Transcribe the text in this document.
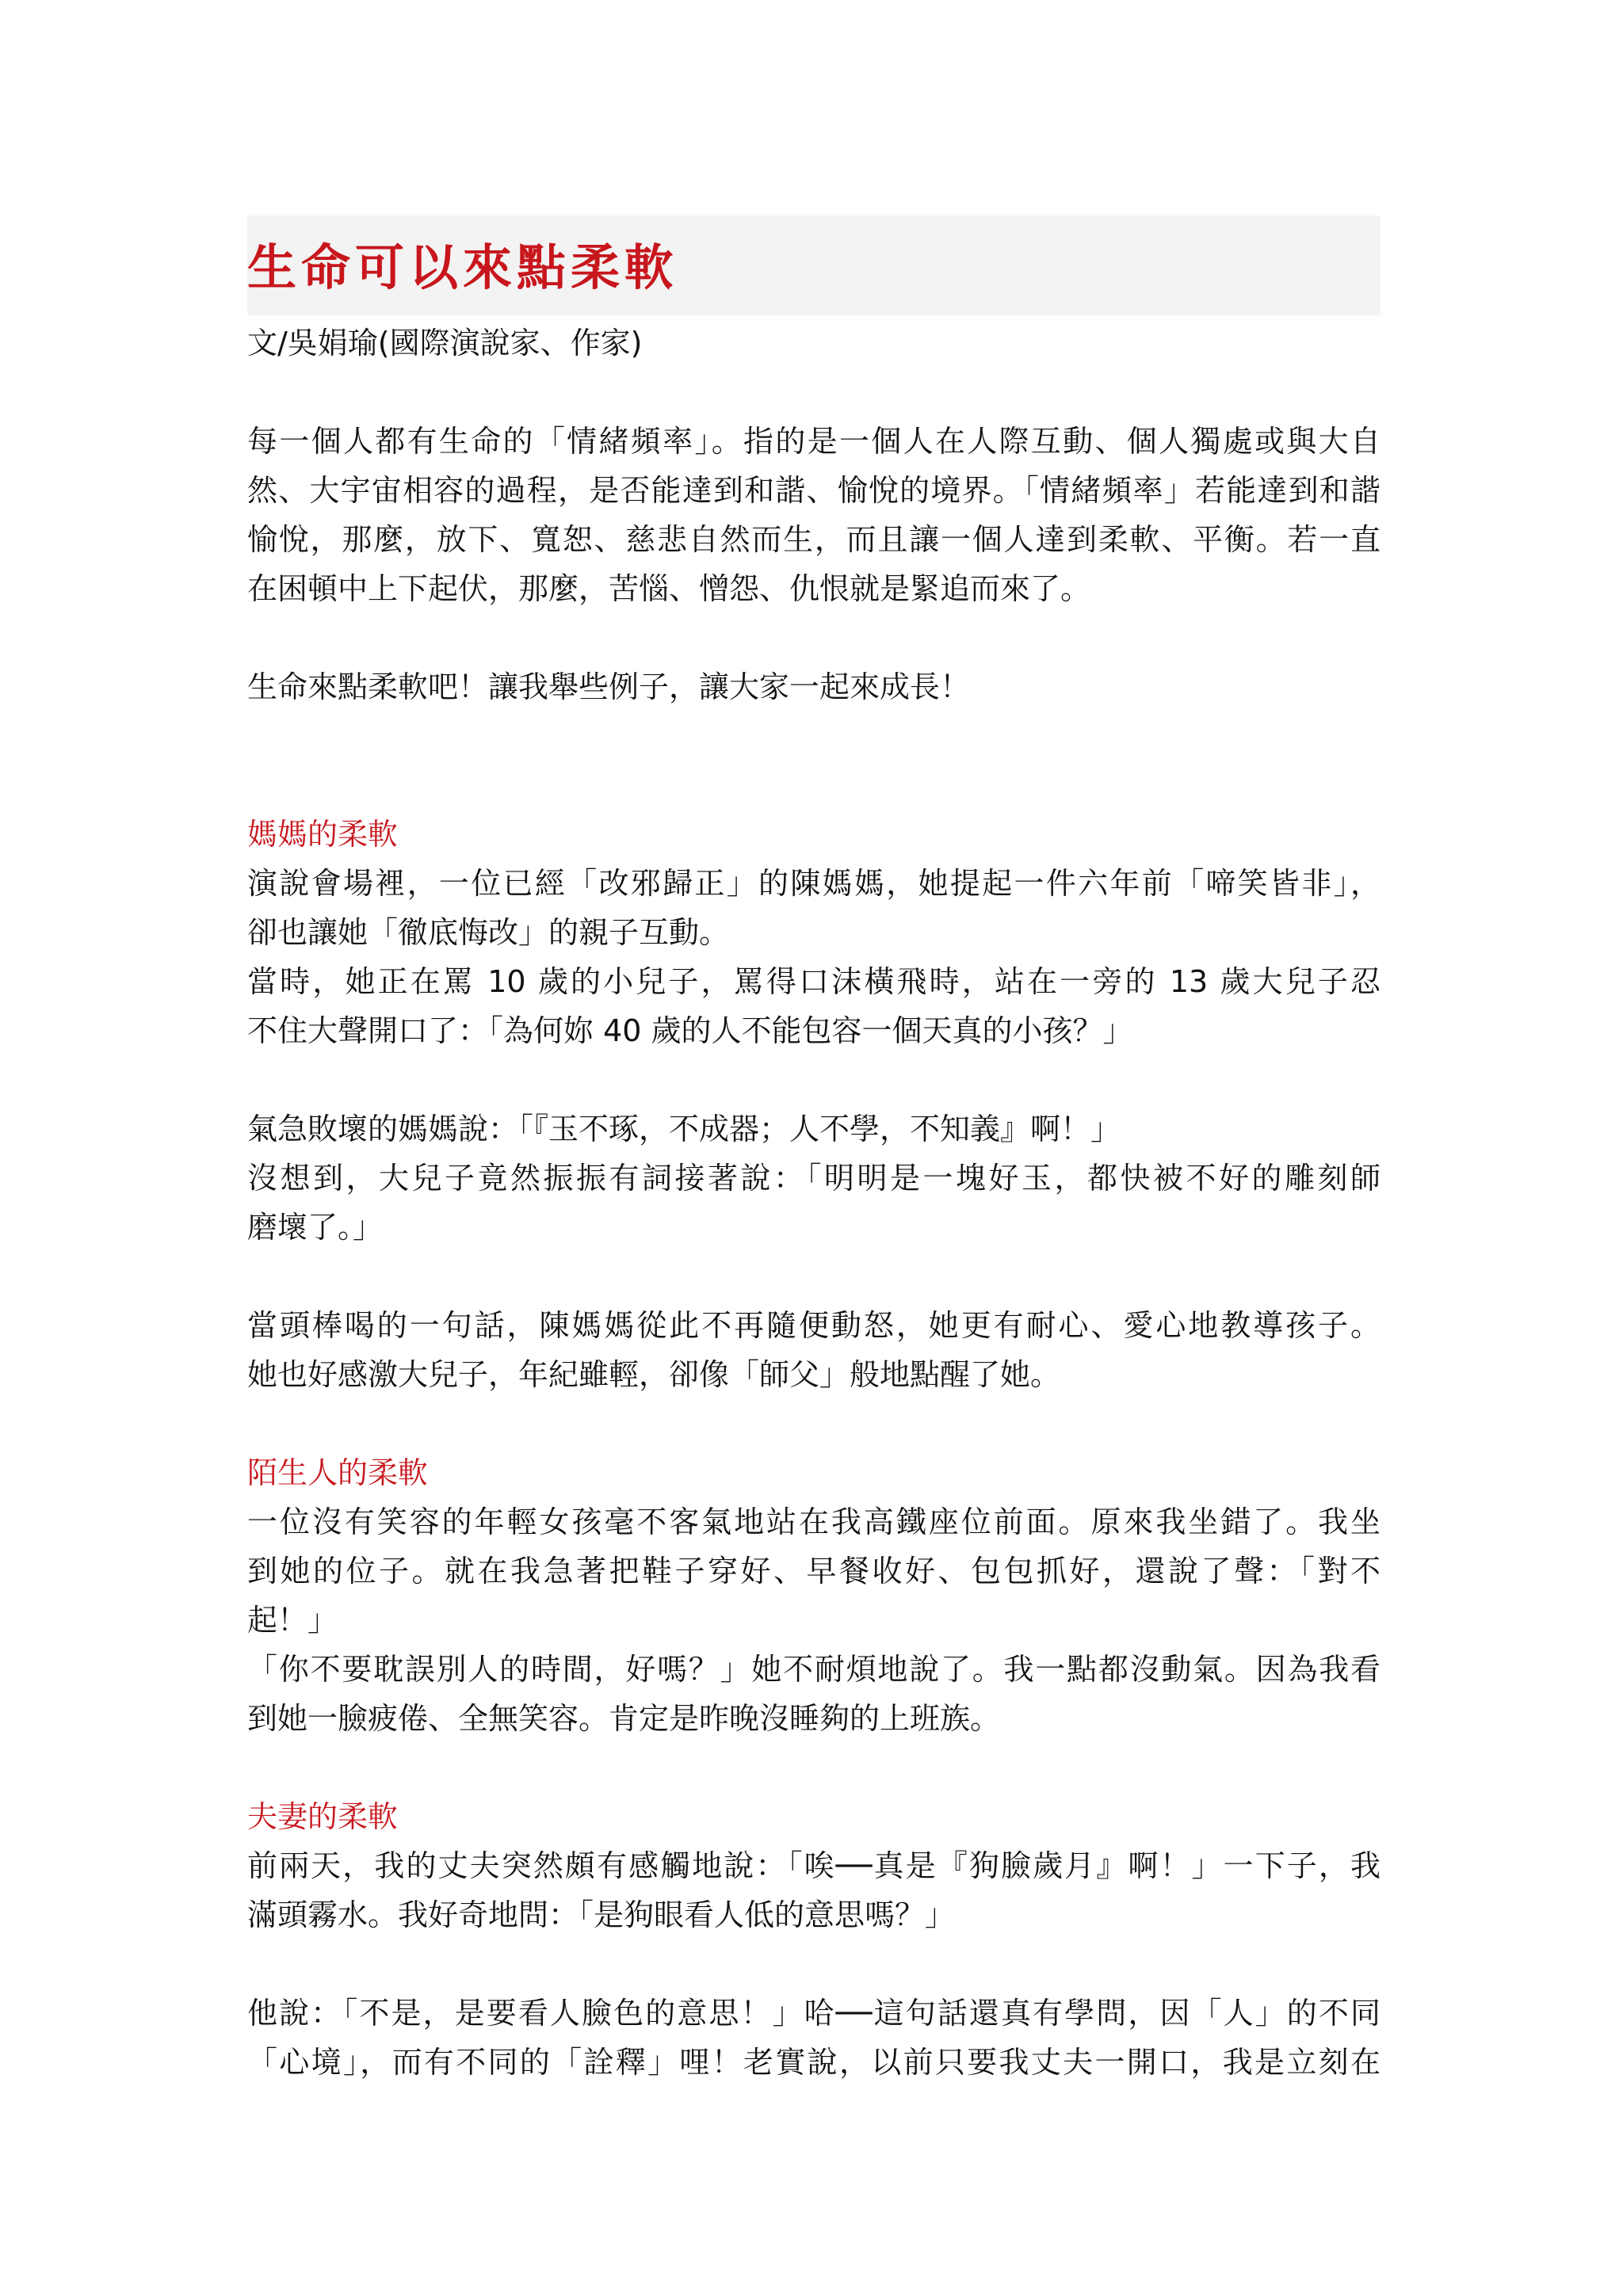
生命可以來點柔軟

文/吳娟瑜(國際演說家、作家)

每一個人都有生命的「情緒頻率」。指的是一個人在人際互動、個人獨處或與大自
然、大宇宙相容的過程，是否能達到和諧、愉悅的境界。「情緒頻率」若能達到和諧
愉悅，那麼，放下、寬恕、慈悲自然而生，而且讓一個人達到柔軟、平衡。若一直
在困頓中上下起伏，那麼，苦惱、憎怨、仇恨就是緊追而來了。

生命來點柔軟吧！讓我舉些例子，讓大家一起來成長！

媽媽的柔軟
演說會場裡，一位已經「改邪歸正」的陳媽媽，她提起一件六年前「啼笑皆非」，
卻也讓她「徹底悔改」的親子互動。
當時，她正在罵 10 歲的小兒子，罵得口沫橫飛時，站在一旁的 13 歲大兒子忍
不住大聲開口了：「為何妳 40 歲的人不能包容一個天真的小孩？」
氣急敗壞的媽媽說：「『玉不琢，不成器；人不學，不知義』啊！」
沒想到，大兒子竟然振振有詞接著說：「明明是一塊好玉，都快被不好的雕刻師
磨壞了。」
當頭棒喝的一句話，陳媽媽從此不再隨便動怒，她更有耐心、愛心地教導孩子。
她也好感激大兒子，年紀雖輕，卻像「師父」般地點醒了她。
陌生人的柔軟
一位沒有笑容的年輕女孩毫不客氣地站在我高鐵座位前面。原來我坐錯了。我坐
到她的位子。就在我急著把鞋子穿好、早餐收好、包包抓好，還說了聲：「對不
起！」
「你不要耽誤別人的時間，好嗎？」她不耐煩地說了。我一點都沒動氣。因為我看
到她一臉疲倦、全無笑容。肯定是昨晚沒睡夠的上班族。
夫妻的柔軟
前兩天，我的丈夫突然頗有感觸地說：「唉──真是『狗臉歲月』啊！」一下子，我
滿頭霧水。我好奇地問：「是狗眼看人低的意思嗎？」
他說：「不是，是要看人臉色的意思！」哈──這句話還真有學問，因「人」的不同
「心境」，而有不同的「詮釋」哩！老實說，以前只要我丈夫一開口，我是立刻在
